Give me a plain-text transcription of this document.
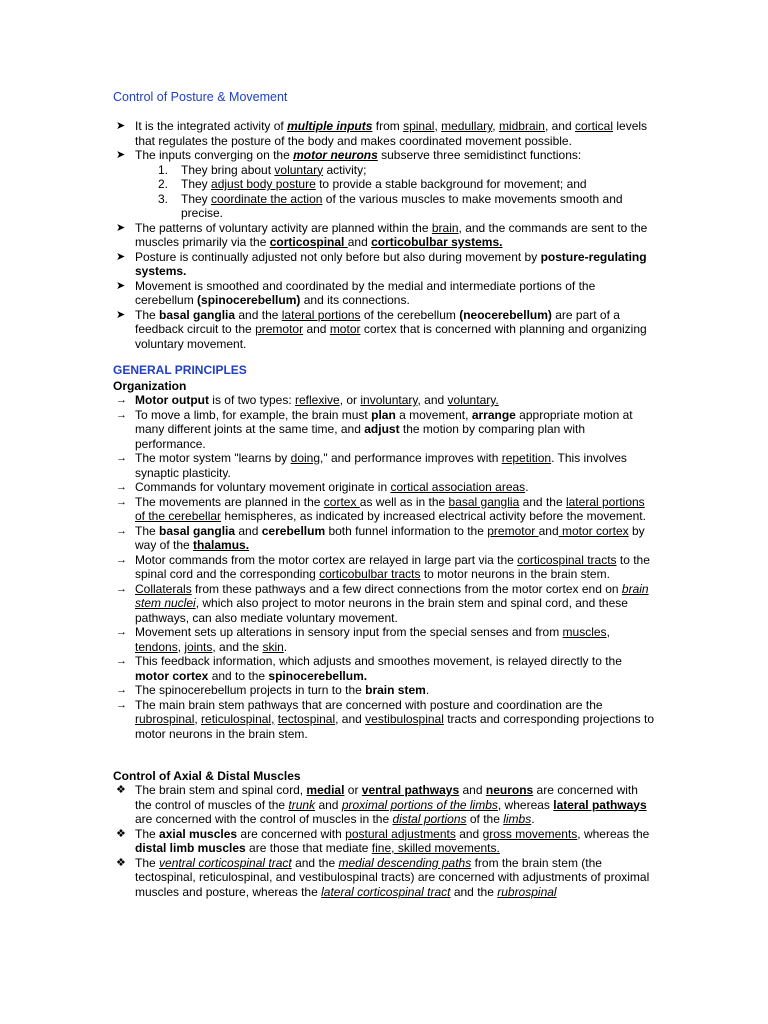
Control of Posture & Movement
➤ It is the integrated activity of multiple inputs from spinal, medullary, midbrain, and cortical levels that regulates the posture of the body and makes coordinated movement possible.
➤ The inputs converging on the motor neurons subserve three semidistinct functions:
1. They bring about voluntary activity;
2. They adjust body posture to provide a stable background for movement; and
3. They coordinate the action of the various muscles to make movements smooth and precise.
➤ The patterns of voluntary activity are planned within the brain, and the commands are sent to the muscles primarily via the corticospinal and corticobulbar systems.
➤ Posture is continually adjusted not only before but also during movement by posture-regulating systems.
➤ Movement is smoothed and coordinated by the medial and intermediate portions of the cerebellum (spinocerebellum) and its connections.
➤ The basal ganglia and the lateral portions of the cerebellum (neocerebellum) are part of a feedback circuit to the premotor and motor cortex that is concerned with planning and organizing voluntary movement.
GENERAL PRINCIPLES
Organization
→ Motor output is of two types: reflexive, or involuntary, and voluntary.
→ To move a limb, for example, the brain must plan a movement, arrange appropriate motion at many different joints at the same time, and adjust the motion by comparing plan with performance.
→ The motor system "learns by doing," and performance improves with repetition. This involves synaptic plasticity.
→ Commands for voluntary movement originate in cortical association areas.
→ The movements are planned in the cortex as well as in the basal ganglia and the lateral portions of the cerebellar hemispheres, as indicated by increased electrical activity before the movement.
→ The basal ganglia and cerebellum both funnel information to the premotor and motor cortex by way of the thalamus.
→ Motor commands from the motor cortex are relayed in large part via the corticospinal tracts to the spinal cord and the corresponding corticobulbar tracts to motor neurons in the brain stem.
→ Collaterals from these pathways and a few direct connections from the motor cortex end on brain stem nuclei, which also project to motor neurons in the brain stem and spinal cord, and these pathways, can also mediate voluntary movement.
→ Movement sets up alterations in sensory input from the special senses and from muscles, tendons, joints, and the skin.
→ This feedback information, which adjusts and smoothes movement, is relayed directly to the motor cortex and to the spinocerebellum.
→ The spinocerebellum projects in turn to the brain stem.
→ The main brain stem pathways that are concerned with posture and coordination are the rubrospinal, reticulospinal, tectospinal, and vestibulospinal tracts and corresponding projections to motor neurons in the brain stem.
Control of Axial & Distal Muscles
❖ The brain stem and spinal cord, medial or ventral pathways and neurons are concerned with the control of muscles of the trunk and proximal portions of the limbs, whereas lateral pathways are concerned with the control of muscles in the distal portions of the limbs.
❖ The axial muscles are concerned with postural adjustments and gross movements, whereas the distal limb muscles are those that mediate fine, skilled movements.
❖ The ventral corticospinal tract and the medial descending paths from the brain stem (the tectospinal, reticulospinal, and vestibulospinal tracts) are concerned with adjustments of proximal muscles and posture, whereas the lateral corticospinal tract and the rubrospinal
